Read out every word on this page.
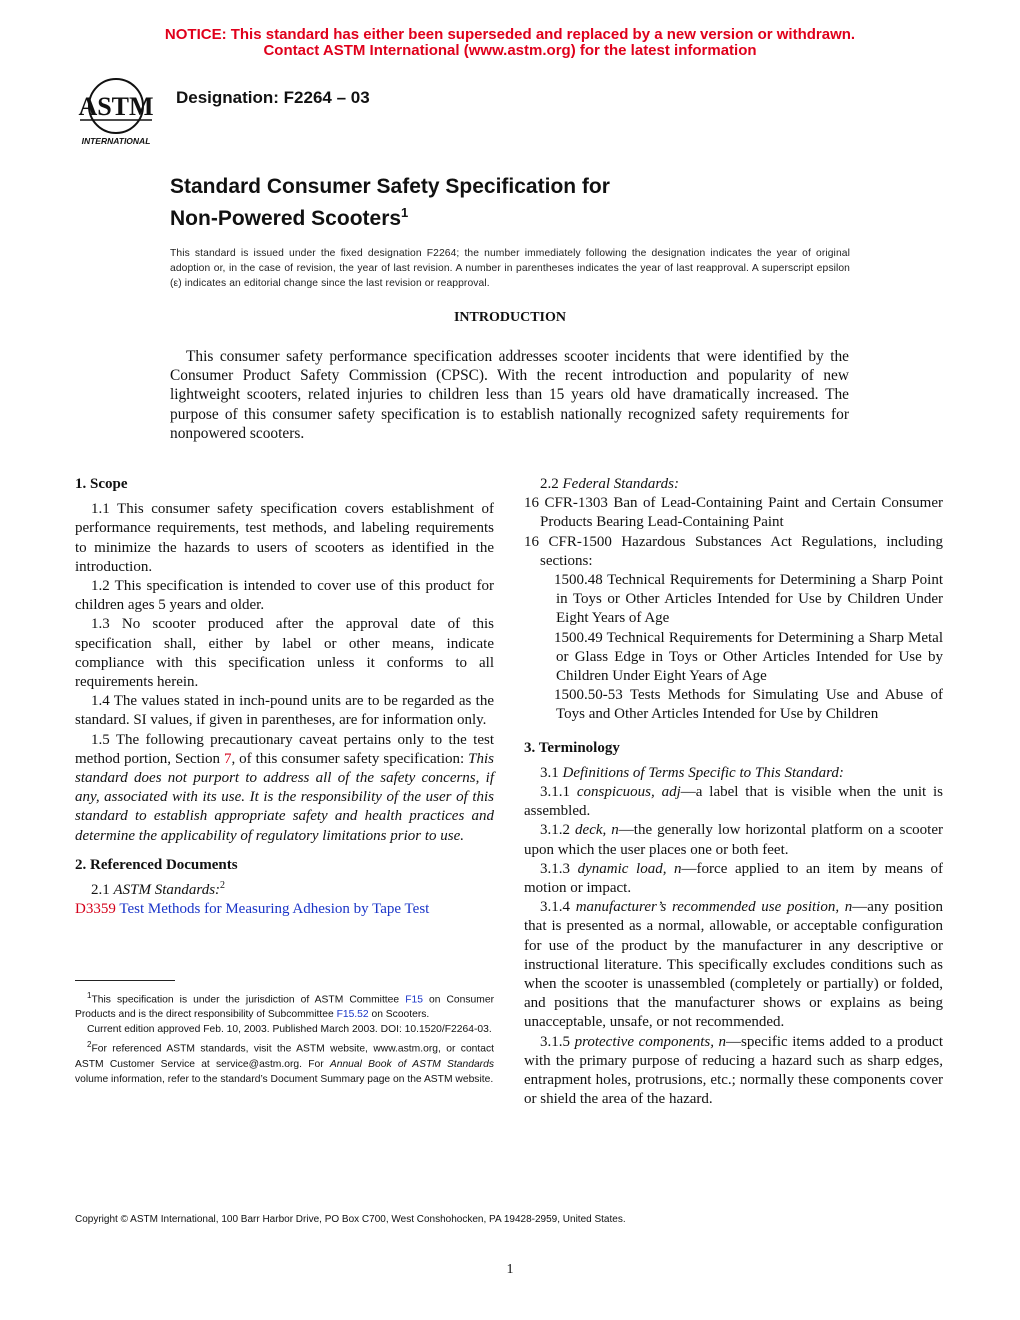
NOTICE: This standard has either been superseded and replaced by a new version or withdrawn.
Contact ASTM International (www.astm.org) for the latest information
ASTM
INTERNATIONAL
Designation: F2264 – 03
Standard Consumer Safety Specification for
Non-Powered Scooters$^1$
This standard is issued under the fixed designation F2264; the number immediately following the designation indicates the year of original adoption or, in the case of revision, the year of last revision. A number in parentheses indicates the year of last reapproval. A superscript epsilon (ε) indicates an editorial change since the last revision or reapproval.
INTRODUCTION
This consumer safety performance specification addresses scooter incidents that were identified by the Consumer Product Safety Commission (CPSC). With the recent introduction and popularity of new lightweight scooters, related injuries to children less than 15 years old have dramatically increased. The purpose of this consumer safety specification is to establish nationally recognized safety requirements for nonpowered scooters.

1. Scope

1.1 This consumer safety specification covers establishment of performance requirements, test methods, and labeling requirements to minimize the hazards to users of scooters as identified in the introduction.

1.2 This specification is intended to cover use of this product for children ages 5 years and older.

1.3 No scooter produced after the approval date of this specification shall, either by label or other means, indicate compliance with this specification unless it conforms to all requirements herein.

1.4 The values stated in inch-pound units are to be regarded as the standard. SI values, if given in parentheses, are for information only.

1.5 The following precautionary caveat pertains only to the test method portion, Section 7, of this consumer safety specification: This standard does not purport to address all of the safety concerns, if any, associated with its use. It is the responsibility of the user of this standard to establish appropriate safety and health practices and determine the applicability of regulatory limitations prior to use.

2. Referenced Documents

2.1 ASTM Standards:$^2$

D3359 Test Methods for Measuring Adhesion by Tape Test

2.2 Federal Standards:

16 CFR-1303 Ban of Lead-Containing Paint and Certain Consumer Products Bearing Lead-Containing Paint

16 CFR-1500 Hazardous Substances Act Regulations, including sections:

1500.48 Technical Requirements for Determining a Sharp Point in Toys or Other Articles Intended for Use by Children Under Eight Years of Age

1500.49 Technical Requirements for Determining a Sharp Metal or Glass Edge in Toys or Other Articles Intended for Use by Children Under Eight Years of Age

1500.50-53 Tests Methods for Simulating Use and Abuse of Toys and Other Articles Intended for Use by Children

3. Terminology

3.1 Definitions of Terms Specific to This Standard:

3.1.1 conspicuous, adj—a label that is visible when the unit is assembled.

3.1.2 deck, n—the generally low horizontal platform on a scooter upon which the user places one or both feet.

3.1.3 dynamic load, n—force applied to an item by means of motion or impact.

3.1.4 manufacturer’s recommended use position, n—any position that is presented as a normal, allowable, or acceptable configuration for use of the product by the manufacturer in any descriptive or instructional literature. This specifically excludes conditions such as when the scooter is unassembled (completely or partially) or folded, and positions that the manufacturer shows or explains as being unacceptable, unsafe, or not recommended.

3.1.5 protective components, n—specific items added to a product with the primary purpose of reducing a hazard such as sharp edges, entrapment holes, protrusions, etc.; normally these components cover or shield the area of the hazard.

$^1$This specification is under the jurisdiction of ASTM Committee F15 on Consumer Products and is the direct responsibility of Subcommittee F15.52 on Scooters.

Current edition approved Feb. 10, 2003. Published March 2003. DOI: 10.1520/F2264-03.

$^2$For referenced ASTM standards, visit the ASTM website, www.astm.org, or contact ASTM Customer Service at service@astm.org. For Annual Book of ASTM Standards volume information, refer to the standard’s Document Summary page on the ASTM website.

Copyright © ASTM International, 100 Barr Harbor Drive, PO Box C700, West Conshohocken, PA 19428-2959, United States.
1
